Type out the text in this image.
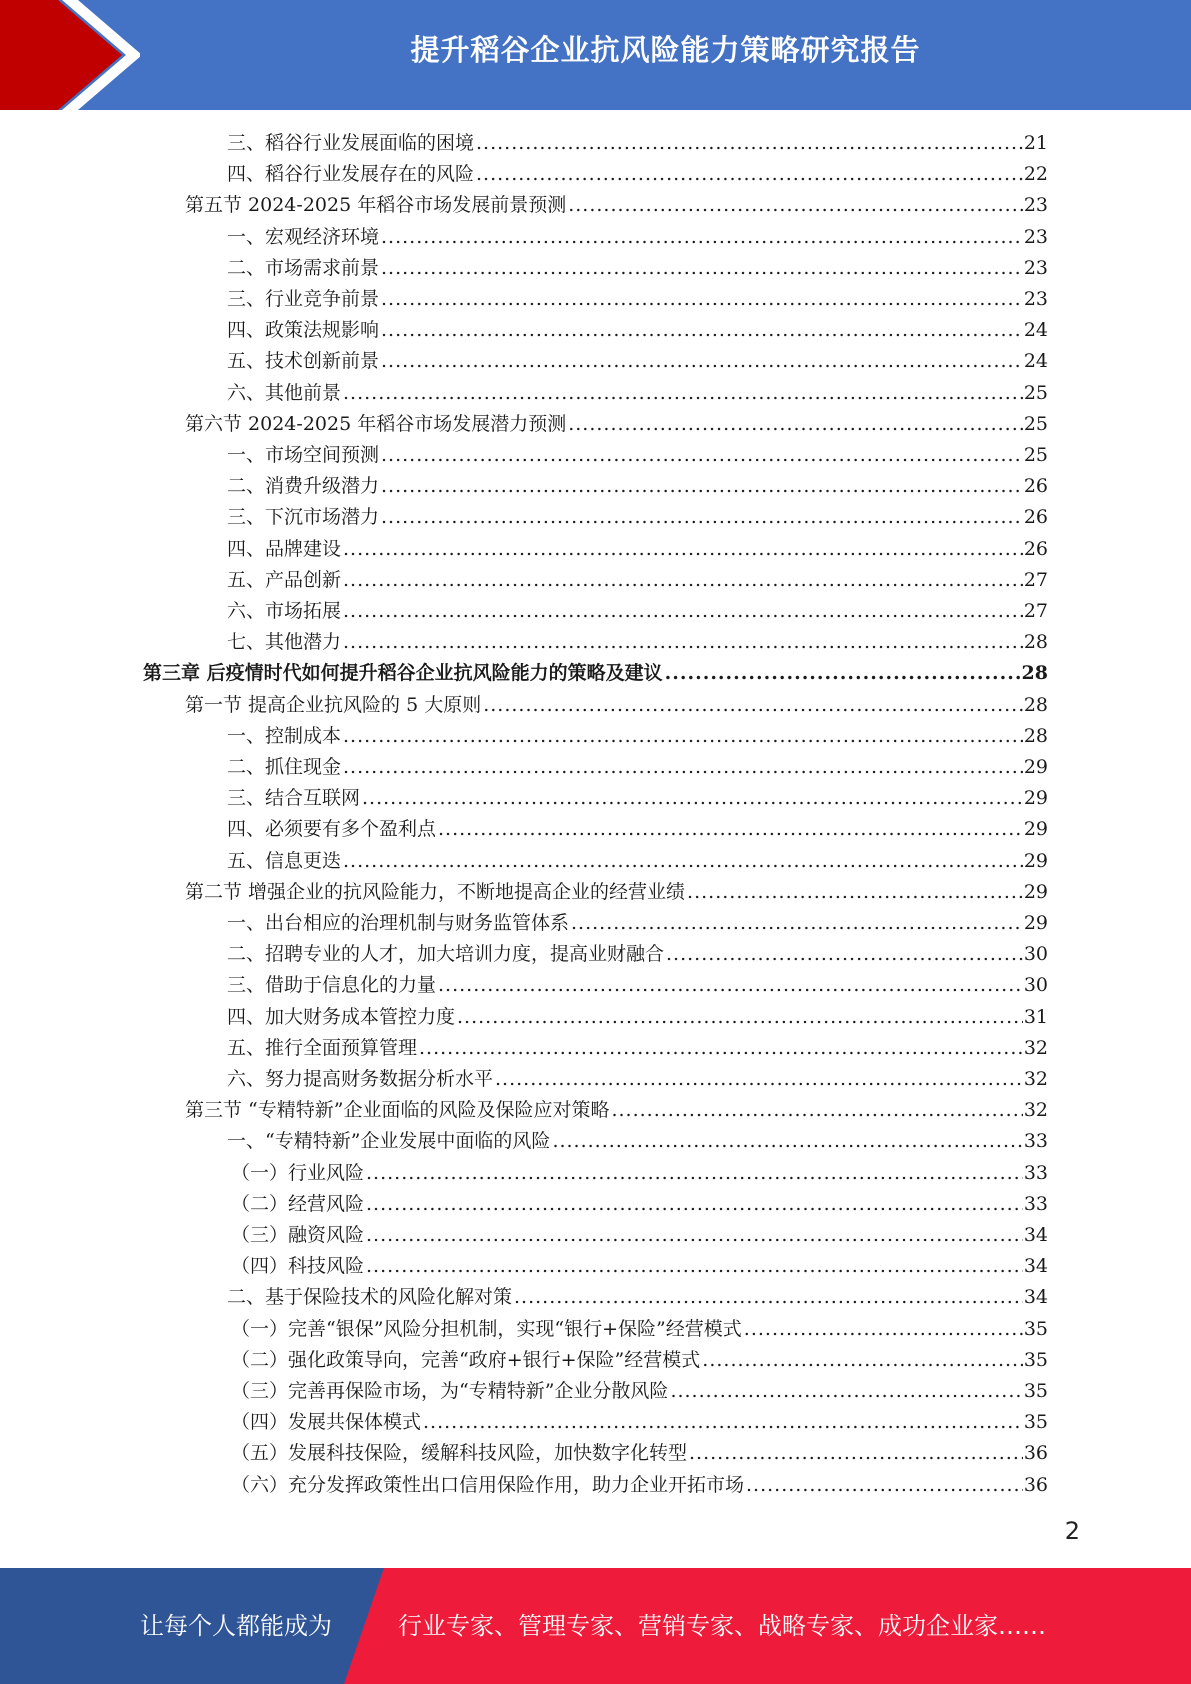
提升稻谷企业抗风险能力策略研究报告
三、稻谷行业发展面临的困境 .....	21
四、稻谷行业发展存在的风险 .....	22
第五节 2024-2025 年稻谷市场发展前景预测 .....	23
一、宏观经济环境 .....	23
二、市场需求前景 .....	23
三、行业竞争前景 .....	23
四、政策法规影响 .....	24
五、技术创新前景 .....	24
六、其他前景 .....	25
第六节 2024-2025 年稻谷市场发展潜力预测 .....	25
一、市场空间预测 .....	25
二、消费升级潜力 .....	26
三、下沉市场潜力 .....	26
四、品牌建设 .....	26
五、产品创新 .....	27
六、市场拓展 .....	27
七、其他潜力 .....	28
第三章 后疫情时代如何提升稻谷企业抗风险能力的策略及建议 .....	28
第一节 提高企业抗风险的 5 大原则 .....	28
一、控制成本 .....	28
二、抓住现金 .....	29
三、结合互联网 .....	29
四、必须要有多个盈利点 .....	29
五、信息更迭 .....	29
第二节 增强企业的抗风险能力，不断地提高企业的经营业绩 .....	29
一、出台相应的治理机制与财务监管体系 .....	29
二、招聘专业的人才，加大培训力度，提高业财融合 .....	30
三、借助于信息化的力量 .....	30
四、加大财务成本管控力度 .....	31
五、推行全面预算管理 .....	32
六、努力提高财务数据分析水平 .....	32
第三节 “专精特新”企业面临的风险及保险应对策略 .....	32
一、“专精特新”企业发展中面临的风险 .....	33
（一）行业风险 .....	33
（二）经营风险 .....	33
（三）融资风险 .....	34
（四）科技风险 .....	34
二、基于保险技术的风险化解对策 .....	34
（一）完善“银保”风险分担机制，实现“银行+保险”经营模式 .....	35
（二）强化政策导向，完善“政府+银行+保险”经营模式 .....	35
（三）完善再保险市场，为“专精特新”企业分散风险 .....	35
（四）发展共保体模式 .....	35
（五）发展科技保险，缓解科技风险，加快数字化转型 .....	36
（六）充分发挥政策性出口信用保险作用，助力企业开拓市场 .....	36
2
让每个人都能成为	行业专家、管理专家、营销专家、战略专家、成功企业家……
